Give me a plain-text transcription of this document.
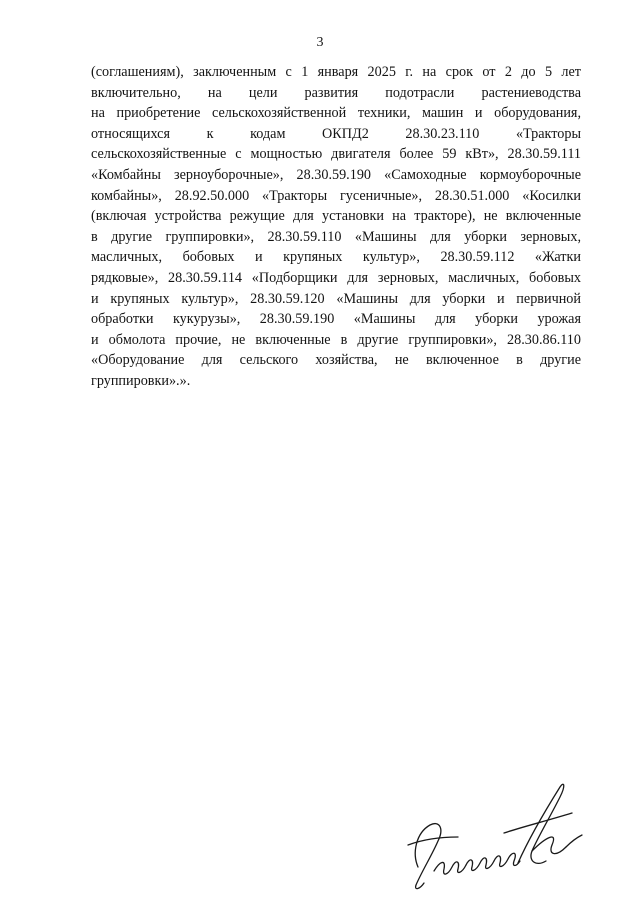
3
(соглашениям), заключенным с 1 января 2025 г. на срок от 2 до 5 лет
включительно, на цели развития подотрасли растениеводства
на приобретение сельскохозяйственной техники, машин и оборудования,
относящихся к кодам ОКПД2 28.30.23.110 «Тракторы
сельскохозяйственные с мощностью двигателя более 59 кВт», 28.30.59.111
«Комбайны зерноуборочные», 28.30.59.190 «Самоходные кормоуборочные
комбайны», 28.92.50.000 «Тракторы гусеничные», 28.30.51.000 «Косилки
(включая устройства режущие для установки на тракторе), не включенные
в другие группировки», 28.30.59.110 «Машины для уборки зерновых,
масличных, бобовых и крупяных культур», 28.30.59.112 «Жатки
рядковые», 28.30.59.114 «Подборщики для зерновых, масличных, бобовых
и крупяных культур», 28.30.59.120 «Машины для уборки и первичной
обработки кукурузы», 28.30.59.190 «Машины для уборки урожая
и обмолота прочие, не включенные в другие группировки», 28.30.86.110
«Оборудование для сельского хозяйства, не включенное в другие
группировки».».
